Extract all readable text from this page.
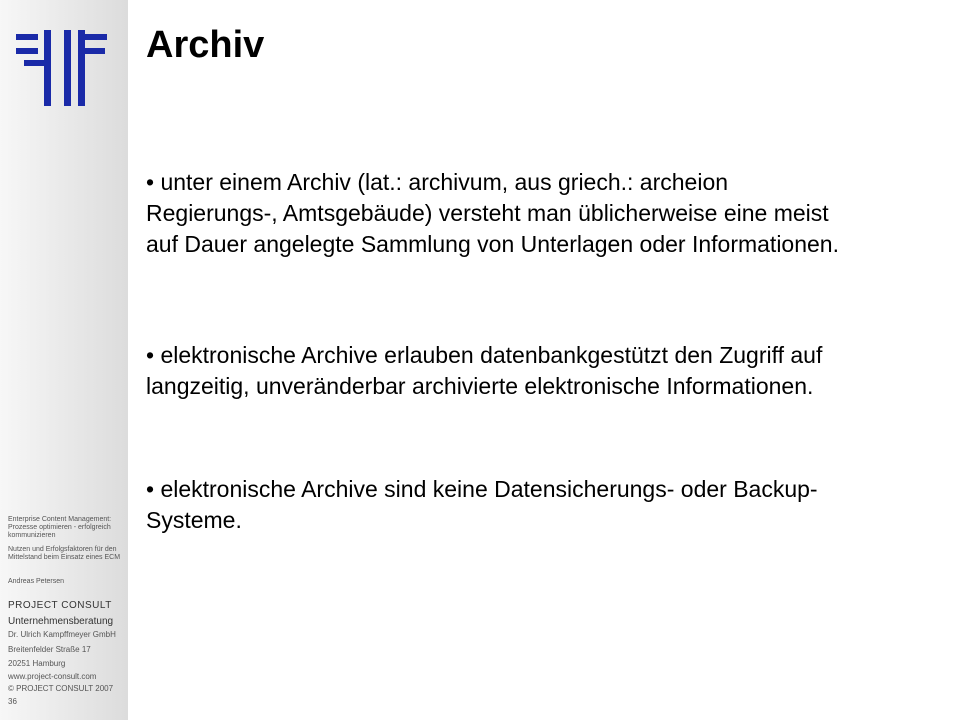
Enterprise Content Management: Prozesse optimieren - erfolgreich kommunizieren
Nutzen und Erfolgsfaktoren für den Mittelstand beim Einsatz eines ECM
Andreas Petersen
PROJECT CONSULT
Unternehmensberatung
Dr. Ulrich Kampffmeyer GmbH
Breitenfelder Straße 17
20251 Hamburg
www.project-consult.com
© PROJECT CONSULT 2007
36
Archiv
• unter einem Archiv (lat.: archivum, aus griech.: archeion Regierungs-, Amtsgebäude) versteht man üblicherweise eine meist auf Dauer angelegte Sammlung von Unterlagen oder Informationen.
• elektronische Archive erlauben datenbankgestützt den Zugriff auf langzeitig, unveränderbar archivierte elektronische Informationen.
• elektronische Archive sind keine Datensicherungs- oder Backup-Systeme.
